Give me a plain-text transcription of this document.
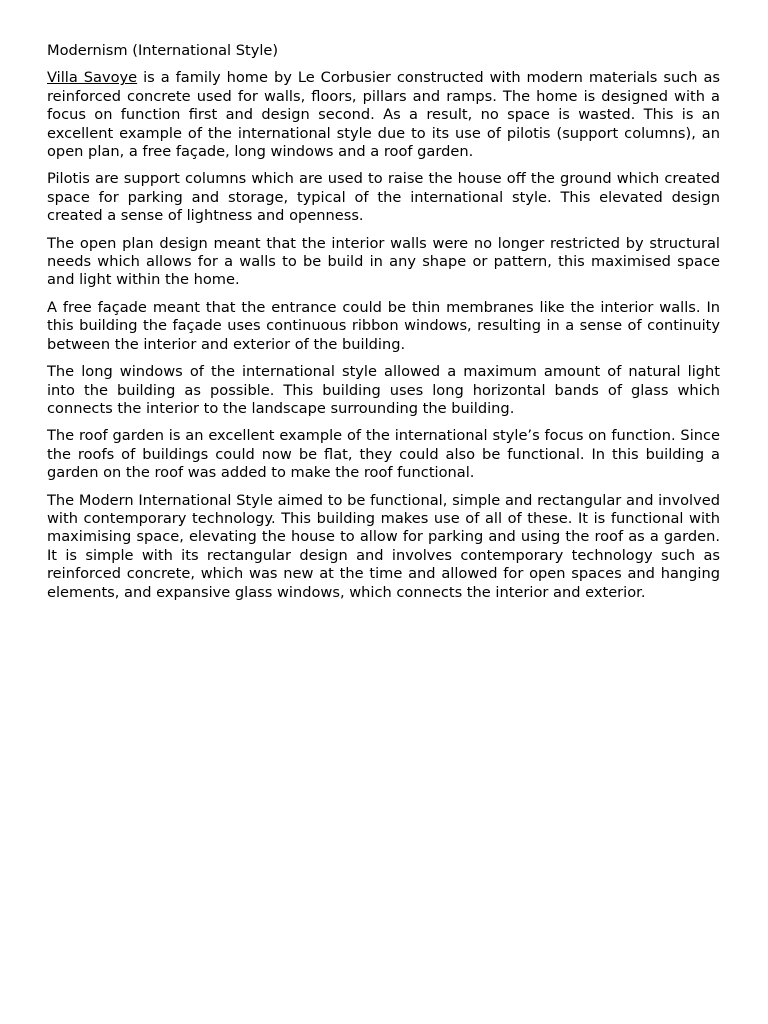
Modernism (International Style)

Villa Savoye is a family home by Le Corbusier constructed with modern materials such as reinforced concrete used for walls, floors, pillars and ramps. The home is designed with a focus on function first and design second. As a result, no space is wasted. This is an excellent example of the international style due to its use of pilotis (support columns), an open plan, a free façade, long windows and a roof garden.

Pilotis are support columns which are used to raise the house off the ground which created space for parking and storage, typical of the international style. This elevated design created a sense of lightness and openness.

The open plan design meant that the interior walls were no longer restricted by structural needs which allows for a walls to be build in any shape or pattern, this maximised space and light within the home.

A free façade meant that the entrance could be thin membranes like the interior walls. In this building the façade uses continuous ribbon windows, resulting in a sense of continuity between the interior and exterior of the building.

The long windows of the international style allowed a maximum amount of natural light into the building as possible. This building uses long horizontal bands of glass which connects the interior to the landscape surrounding the building.

The roof garden is an excellent example of the international style’s focus on function. Since the roofs of buildings could now be flat, they could also be functional. In this building a garden on the roof was added to make the roof functional.

The Modern International Style aimed to be functional, simple and rectangular and involved with contemporary technology. This building makes use of all of these. It is functional with maximising space, elevating the house to allow for parking and using the roof as a garden. It is simple with its rectangular design and involves contemporary technology such as reinforced concrete, which was new at the time and allowed for open spaces and hanging elements, and expansive glass windows, which connects the interior and exterior.
